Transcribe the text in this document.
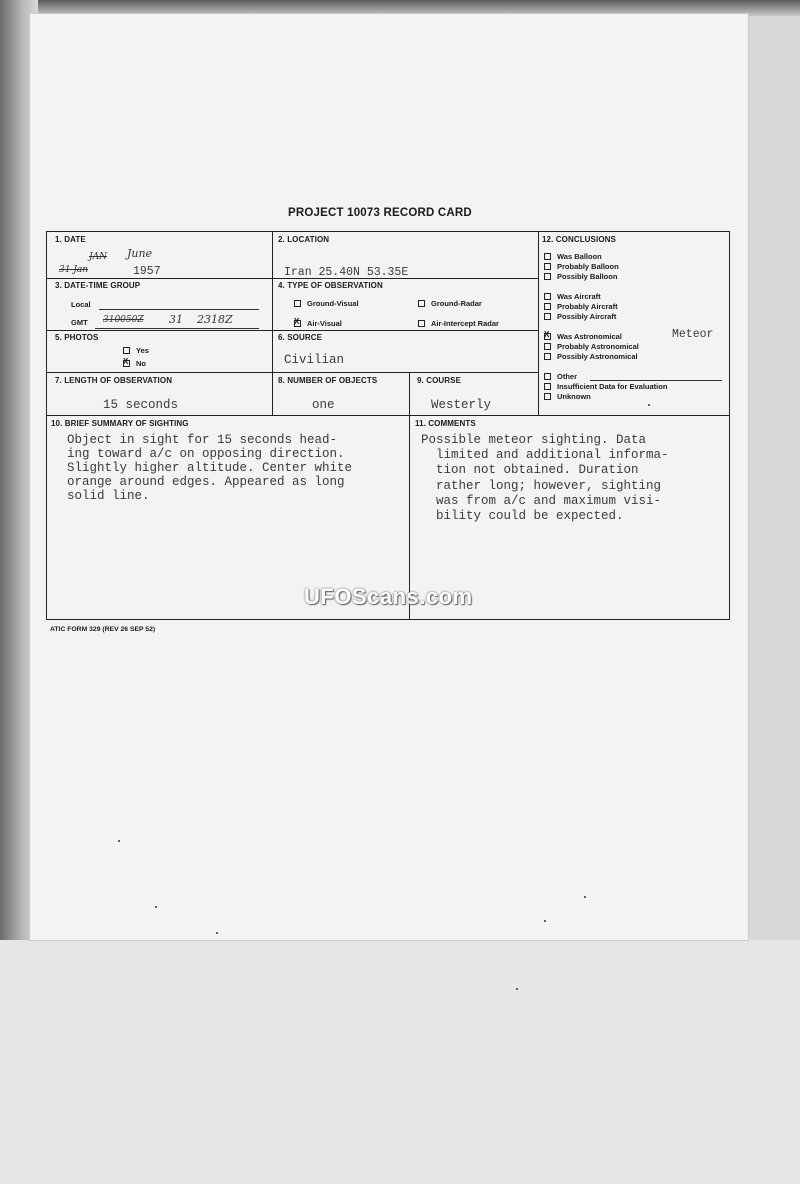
PROJECT 10073 RECORD CARD
1. DATE
JAN June
31 Jan	1957
2. LOCATION
Iran 25.40N 53.35E
3. DATE-TIME GROUP
Local
GMT 310050Z 31 2318Z
4. TYPE OF OBSERVATION
Ground-Visual	Ground-Radar
X Air-Visual	Air-Intercept Radar
5. PHOTOS
Yes
X No
6. SOURCE
Civilian
7. LENGTH OF OBSERVATION
15 seconds
8. NUMBER OF OBJECTS
one
9. COURSE
Westerly
12. CONCLUSIONS
Was Balloon
Probably Balloon
Possibly Balloon
Was Aircraft
Probably Aircraft
Possibly Aircraft
X Was Astronomical	Meteor
Probably Astronomical
Possibly Astronomical
Other
Insufficient Data for Evaluation
Unknown
10. BRIEF SUMMARY OF SIGHTING
Object in sight for 15 seconds head-
ing toward a/c on opposing direction.
Slightly higher altitude. Center white
orange around edges. Appeared as long
solid line.
11. COMMENTS
Possible meteor sighting. Data
limited and additional informa-
tion not obtained. Duration
rather long; however, sighting
was from a/c and maximum visi-
bility could be expected.
UFOScans.com
ATIC FORM 329 (REV 26 SEP 52)
